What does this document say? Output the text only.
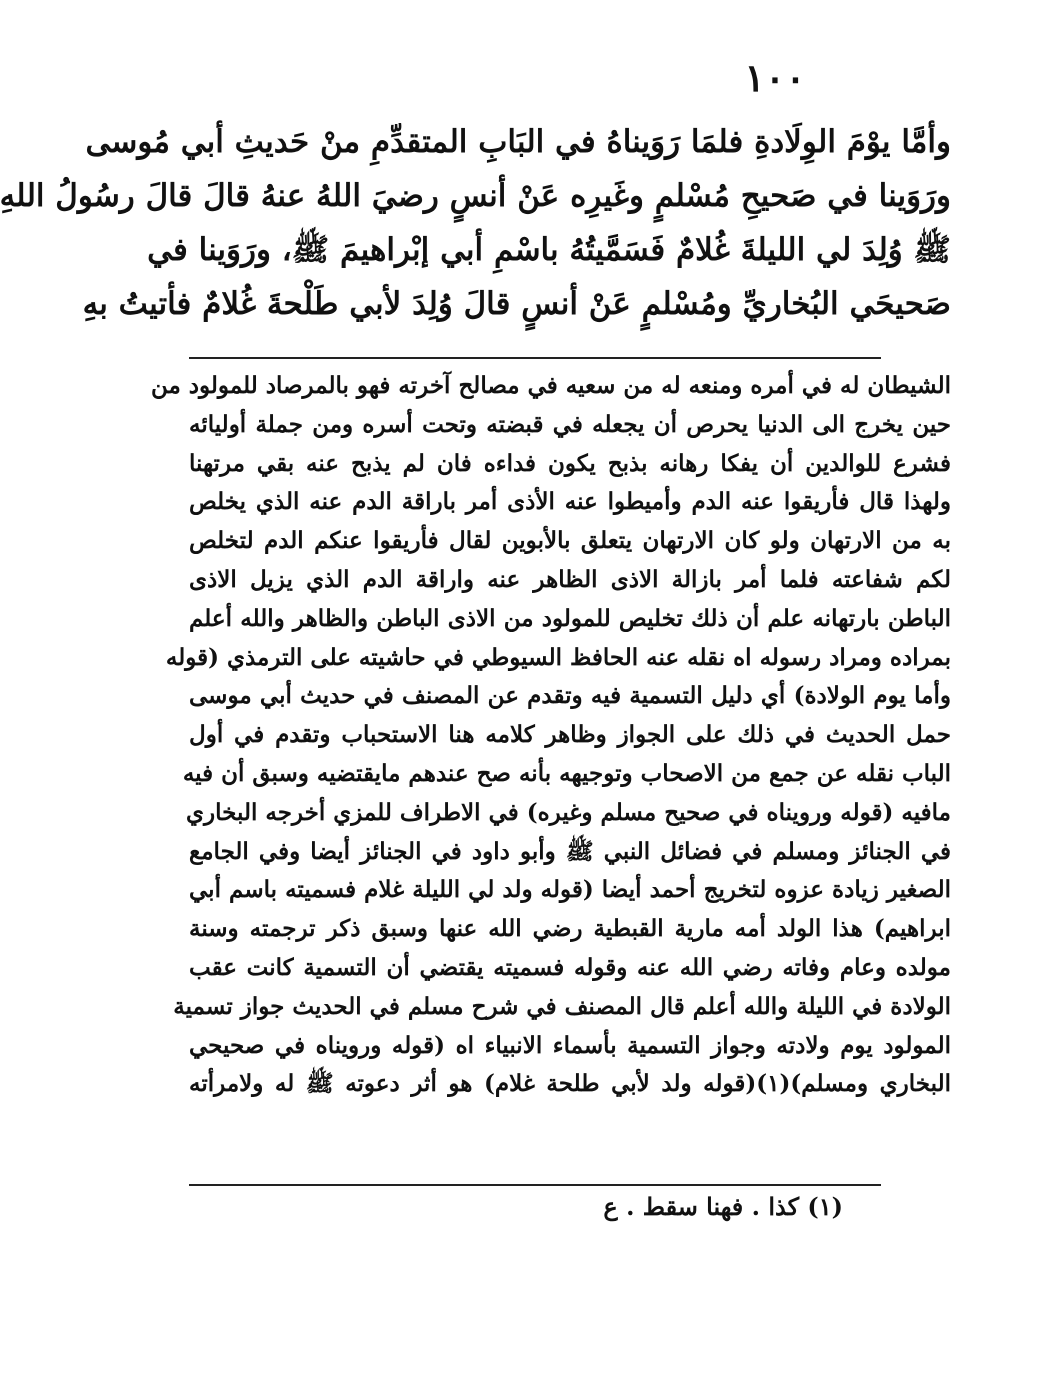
١٠٠
وأمَّا يوْمَ الوِلَادةِ فلمَا رَوَيناهُ في البَابِ المتقدِّمِ منْ حَديثِ أبي مُوسى
ورَوَينا في صَحيحِ مُسْلمٍ وغَيرِه عَنْ أنسٍ رضيَ اللهُ عنهُ قالَ قالَ رسُولُ اللهِ
ﷺ وُلِدَ لي الليلةَ غُلامٌ فَسَمَّيتُهُ باسْمِ أبي إبْراهيمَ ﷺ، ورَوَينا في
صَحيحَي البُخاريِّ ومُسْلمٍ عَنْ أنسٍ قالَ وُلِدَ لأبي طَلْحةَ غُلامٌ فأتيتُ بهِ
الشيطان له في أمره ومنعه له من سعيه في مصالح آخرته فهو بالمرصاد للمولود من
حين يخرج الى الدنيا يحرص أن يجعله في قبضته وتحت أسره ومن جملة أوليائه
فشرع للوالدين أن يفكا رهانه بذبح يكون فداءه فان لم يذبح عنه بقي مرتهنا
ولهذا قال فأريقوا عنه الدم وأميطوا عنه الأذى أمر باراقة الدم عنه الذي يخلص
به من الارتهان ولو كان الارتهان يتعلق بالأبوين لقال فأريقوا عنكم الدم لتخلص
لكم شفاعته فلما أمر بازالة الاذى الظاهر عنه واراقة الدم الذي يزيل الاذى
الباطن بارتهانه علم أن ذلك تخليص للمولود من الاذى الباطن والظاهر والله أعلم
بمراده ومراد رسوله اه نقله عنه الحافظ السيوطي في حاشيته على الترمذي (قوله
وأما يوم الولادة) أي دليل التسمية فيه وتقدم عن المصنف في حديث أبي موسى
حمل الحديث في ذلك على الجواز وظاهر كلامه هنا الاستحباب وتقدم في أول
الباب نقله عن جمع من الاصحاب وتوجيهه بأنه صح عندهم مايقتضيه وسبق أن فيه
مافيه (قوله ورويناه في صحيح مسلم وغيره) في الاطراف للمزي أخرجه البخاري
في الجنائز ومسلم في فضائل النبي ﷺ وأبو داود في الجنائز أيضا وفي الجامع
الصغير زيادة عزوه لتخريج أحمد أيضا (قوله ولد لي الليلة غلام فسميته باسم أبي
ابراهيم) هذا الولد أمه مارية القبطية رضي الله عنها وسبق ذكر ترجمته وسنة
مولده وعام وفاته رضي الله عنه وقوله فسميته يقتضي أن التسمية كانت عقب
الولادة في الليلة والله أعلم قال المصنف في شرح مسلم في الحديث جواز تسمية
المولود يوم ولادته وجواز التسمية بأسماء الانبياء اه (قوله ورويناه في صحيحي
البخاري ومسلم)(١)(قوله ولد لأبي طلحة غلام) هو أثر دعوته ﷺ له ولامرأته
(١) كذا . فهنا سقط . ع
